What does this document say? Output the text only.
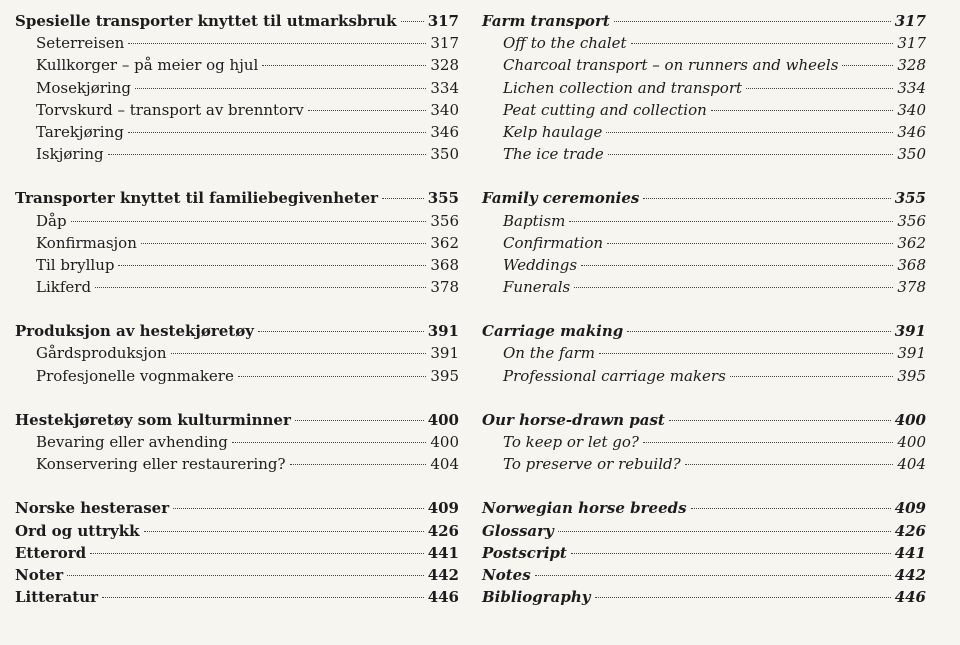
Spesielle transporter knyttet til utmarksbruk 317
Seterreisen	317
Kullkorger – på meier og hjul	328
Mosekjøring	334
Torvskurd – transport av brenntorv	340
Tarekjøring	346
Iskjøring	350
Transporter knyttet til familiebegivenheter	355
Dåp	356
Konfirmasjon	362
Til bryllup	368
Likferd	378
Produksjon av hestekjøretøy	391
Gårdsproduksjon	391
Profesjonelle vognmakere	395
Hestekjøretøy som kulturminner	400
Bevaring eller avhending	400
Konservering eller restaurering?	404
Norske hesteraser	409
Ord og uttrykk	426
Etterord	441
Noter	442
Litteratur	446
Farm transport	317
Off to the chalet	317
Charcoal transport – on runners and wheels	328
Lichen collection and transport	334
Peat cutting and collection	340
Kelp haulage	346
The ice trade	350
Family ceremonies	355
Baptism	356
Confirmation	362
Weddings	368
Funerals	378
Carriage making	391
On the farm	391
Professional carriage makers	395
Our horse-drawn past	400
To keep or let go?	400
To preserve or rebuild?	404
Norwegian horse breeds	409
Glossary	426
Postscript	441
Notes	442
Bibliography	446
